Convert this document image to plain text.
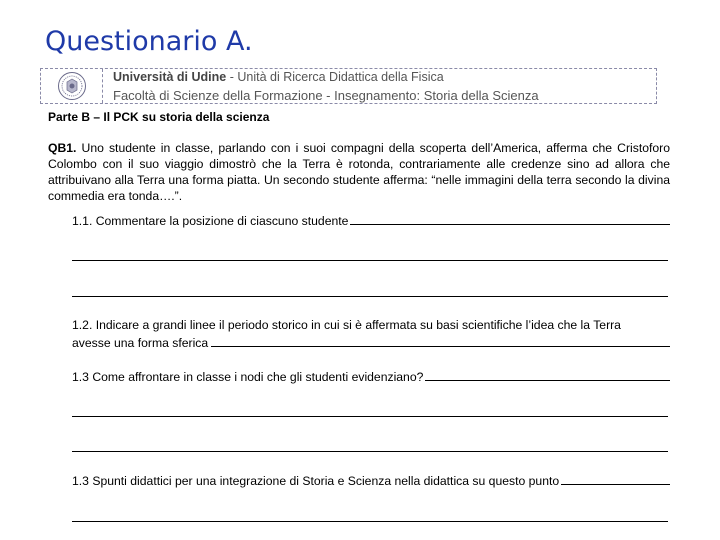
Questionario A.
Università di Udine - Unità di Ricerca Didattica della Fisica
Facoltà di Scienze della Formazione - Insegnamento: Storia della Scienza
Parte B – Il PCK su storia della scienza

QB1. Uno studente in classe, parlando con i suoi compagni della scoperta dell’America, afferma che Cristoforo Colombo con il suo viaggio dimostrò che la Terra è rotonda, contrariamente alle credenze sino ad allora che attribuivano alla Terra una forma piatta. Un secondo studente afferma: “nelle immagini della terra secondo la divina commedia era tonda….”.

1.1. Commentare la posizione di ciascuno studente
1.2. Indicare a grandi linee il periodo storico in cui si è affermata su basi scientifiche l’idea che la Terra
avesse una forma sferica
1.3 Come affrontare in classe i nodi che gli studenti evidenziano?
1.3 Spunti didattici per una integrazione di Storia e Scienza nella didattica su questo punto
